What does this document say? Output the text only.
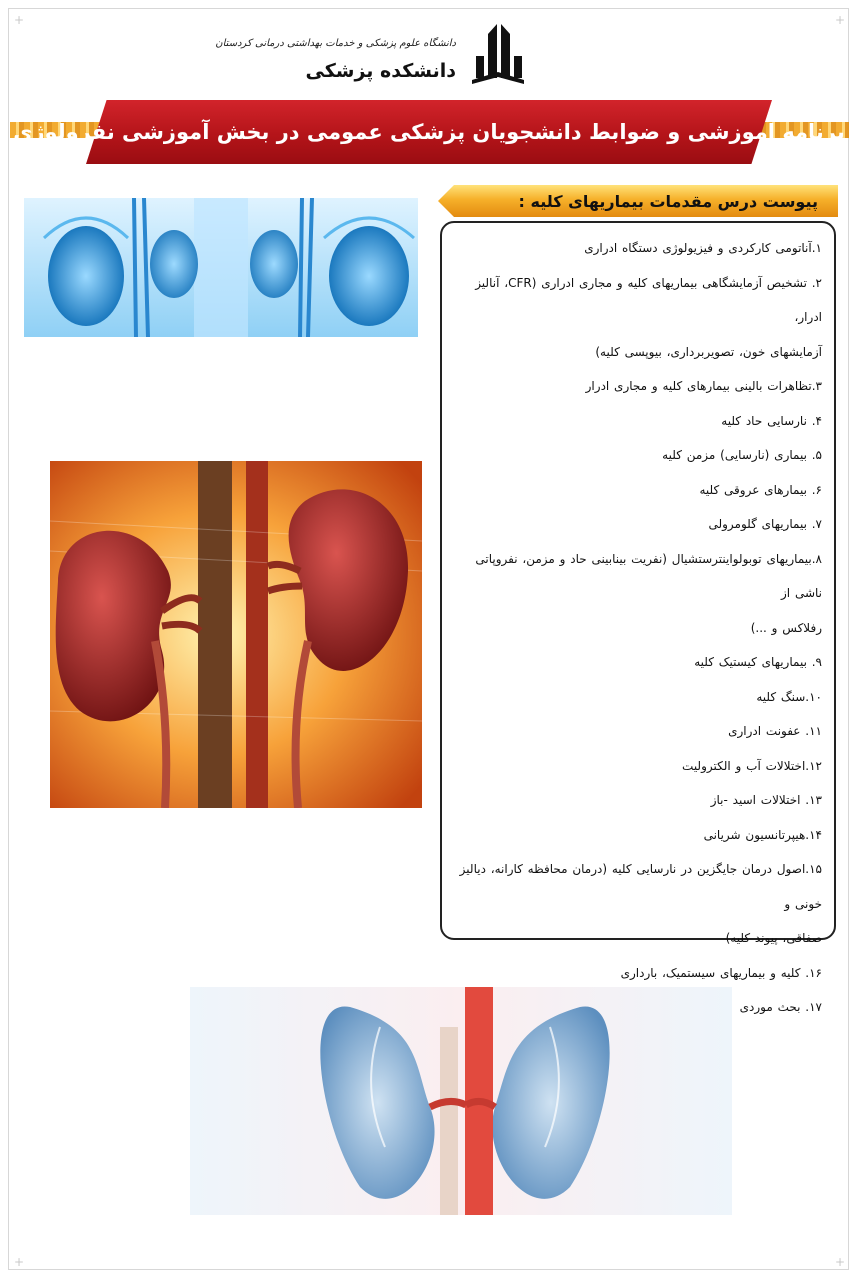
+	+
+	+
دانشگاه علوم پزشکی و خدمات بهداشتی درمانی کردستان
دانشکده پزشکی
برنامه آموزشی و ضوابط دانشجویان پزشکی عمومی در بخش آموزشی نفرولوژی
پیوست درس مقدمات بیماریهای کلیه :
۱.آناتومی کارکردی و فیزیولوژی دستگاه ادراری
۲. تشخیص آزمایشگاهی بیماریهای کلیه و مجاری ادراری (CFR، آنالیز ادرار،
آزمایشهای خون، تصویربرداری، بیوپسی کلیه)
۳.تظاهرات بالینی بیمارهای کلیه و مجاری ادرار
۴. نارسایی حاد کلیه
۵. بیماری (نارسایی) مزمن کلیه
۶. بیمارهای عروقی کلیه
۷. بیماریهای گلومرولی
۸.بیماریهای توبولواینترستشیال (نفریت بینابینی حاد و مزمن، نفروپاتی ناشی از
رفلاکس و ...)
۹. بیماریهای کیستیک کلیه
۱۰.سنگ کلیه
۱۱. عفونت ادراری
۱۲.اختلالات آب و الکترولیت
۱۳. اختلالات اسید -باز
۱۴.هیپرتانسیون شریانی
۱۵.اصول درمان جایگزین در نارسایی کلیه (درمان محافظه کارانه، دیالیز خونی و
صفاقی، پیوند کلیه)
۱۶. کلیه و بیماریهای سیستمیک، بارداری
۱۷. بحث موردی
